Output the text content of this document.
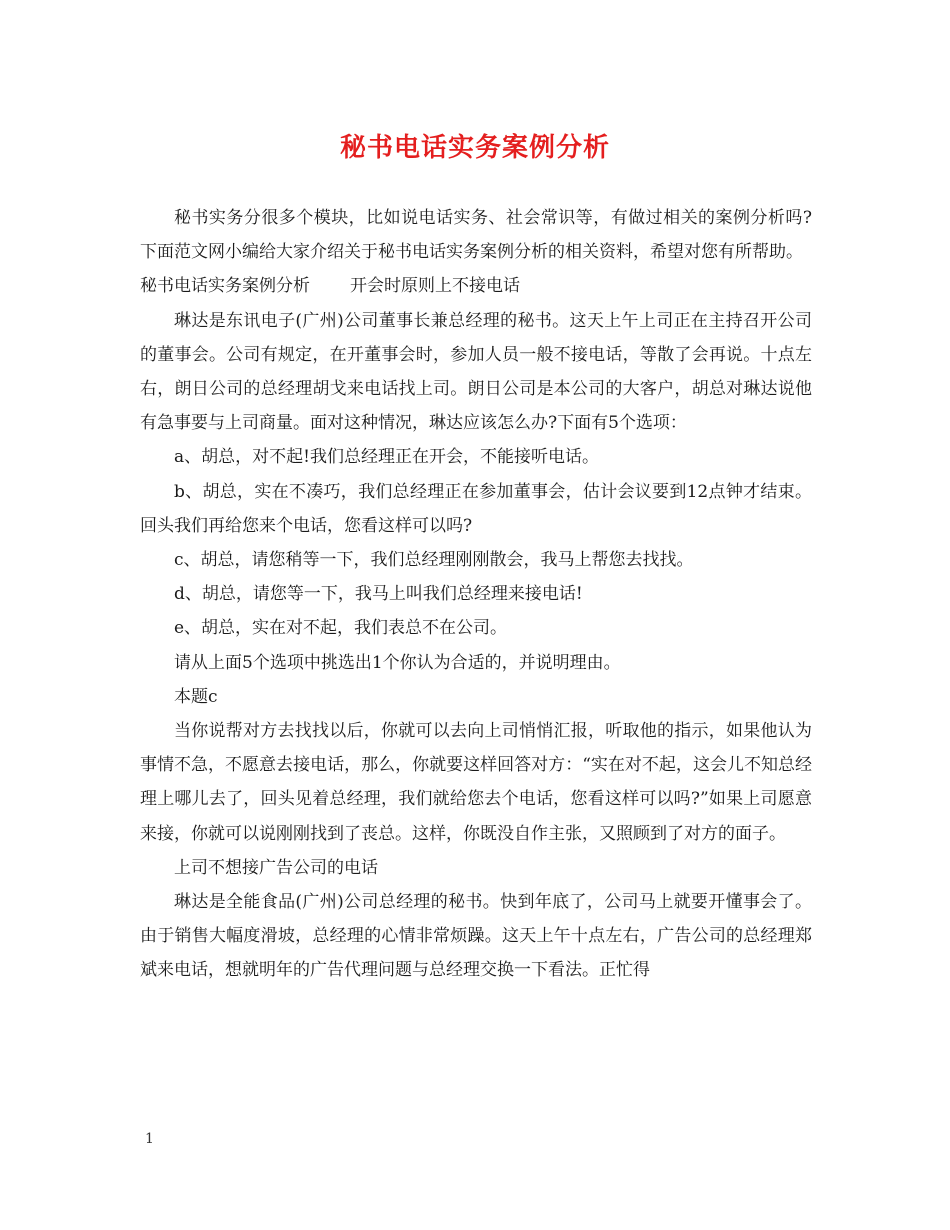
秘书电话实务案例分析

秘书实务分很多个模块，比如说电话实务、社会常识等，有做过相关的案例分析吗?下面范文网小编给大家介绍关于秘书电话实务案例分析的相关资料，希望对您有所帮助。

秘书电话实务案例分析 开会时原则上不接电话

琳达是东讯电子(广州)公司董事长兼总经理的秘书。这天上午上司正在主持召开公司的董事会。公司有规定，在开董事会时，参加人员一般不接电话，等散了会再说。十点左右，朗日公司的总经理胡戈来电话找上司。朗日公司是本公司的大客户，胡总对琳达说他有急事要与上司商量。面对这种情况，琳达应该怎么办?下面有5个选项：

a、胡总，对不起!我们总经理正在开会，不能接听电话。

b、胡总，实在不凑巧，我们总经理正在参加董事会，估计会议要到12点钟才结束。回头我们再给您来个电话，您看这样可以吗?

c、胡总，请您稍等一下，我们总经理刚刚散会，我马上帮您去找找。

d、胡总，请您等一下，我马上叫我们总经理来接电话!

e、胡总，实在对不起，我们表总不在公司。

请从上面5个选项中挑选出1个你认为合适的，并说明理由。

本题c

当你说帮对方去找找以后，你就可以去向上司悄悄汇报，听取他的指示，如果他认为事情不急，不愿意去接电话，那么，你就要这样回答对方：“实在对不起，这会儿不知总经理上哪儿去了，回头见着总经理，我们就给您去个电话，您看这样可以吗?”如果上司愿意来接，你就可以说刚刚找到了丧总。这样，你既没自作主张，又照顾到了对方的面子。

上司不想接广告公司的电话

琳达是全能食品(广州)公司总经理的秘书。快到年底了，公司马上就要开懂事会了。由于销售大幅度滑坡，总经理的心情非常烦躁。这天上午十点左右，广告公司的总经理郑斌来电话，想就明年的广告代理问题与总经理交换一下看法。正忙得

1
